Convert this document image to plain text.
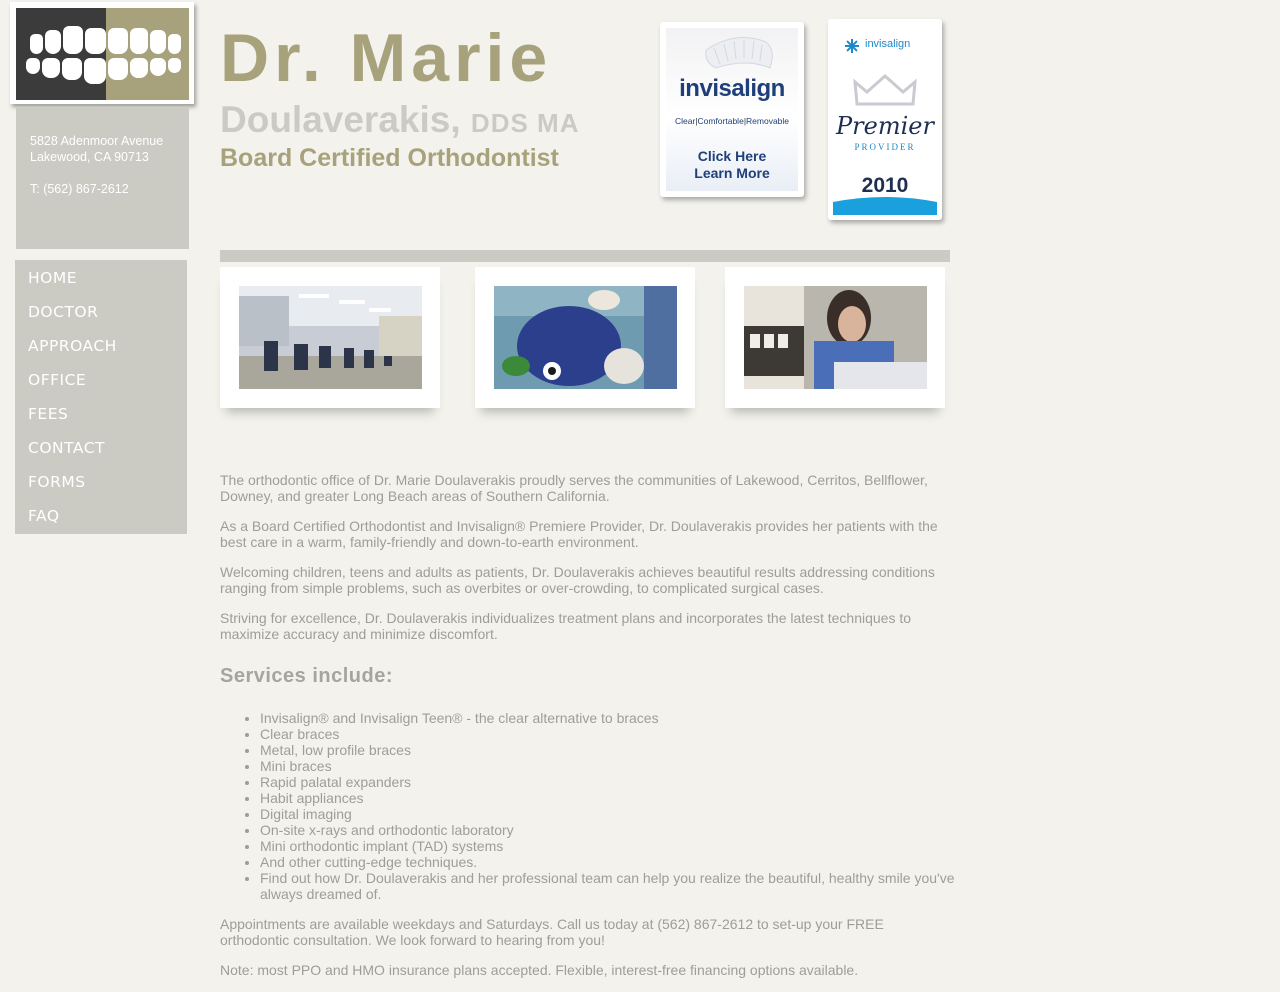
5828 Adenmoor Avenue

Lakewood, CA 90713

T: (562) 867-2612

HOME
DOCTOR
APPROACH
OFFICE
FEES
CONTACT
FORMS
FAQ
Dr. Marie
Doulaverakis, DDS MA
Board Certified Orthodontist
invisalign
Clear|Comfortable|Removable
Click Here
Learn More
invisalign
Premier
PROVIDER
2010

The orthodontic office of Dr. Marie Doulaverakis proudly serves the communities of Lakewood, Cerritos, Bellflower, Downey, and greater Long Beach areas of Southern California.

As a Board Certified Orthodontist and Invisalign® Premiere Provider, Dr. Doulaverakis provides her patients with the best care in a warm, family-friendly and down-to-earth environment.

Welcoming children, teens and adults as patients, Dr. Doulaverakis achieves beautiful results addressing conditions ranging from simple problems, such as overbites or over-crowding, to complicated surgical cases.

Striving for excellence, Dr. Doulaverakis individualizes treatment plans and incorporates the latest techniques to maximize accuracy and minimize discomfort.

Services include:
• Invisalign® and Invisalign Teen® - the clear alternative to braces
• Clear braces
• Metal, low profile braces
• Mini braces
• Rapid palatal expanders
• Habit appliances
• Digital imaging
• On-site x-rays and orthodontic laboratory
• Mini orthodontic implant (TAD) systems
• And other cutting-edge techniques.
• Find out how Dr. Doulaverakis and her professional team can help you realize the beautiful, healthy smile you've always dreamed of.

Appointments are available weekdays and Saturdays. Call us today at (562) 867-2612 to set-up your FREE orthodontic consultation. We look forward to hearing from you!

Note: most PPO and HMO insurance plans accepted. Flexible, interest-free financing options available.
